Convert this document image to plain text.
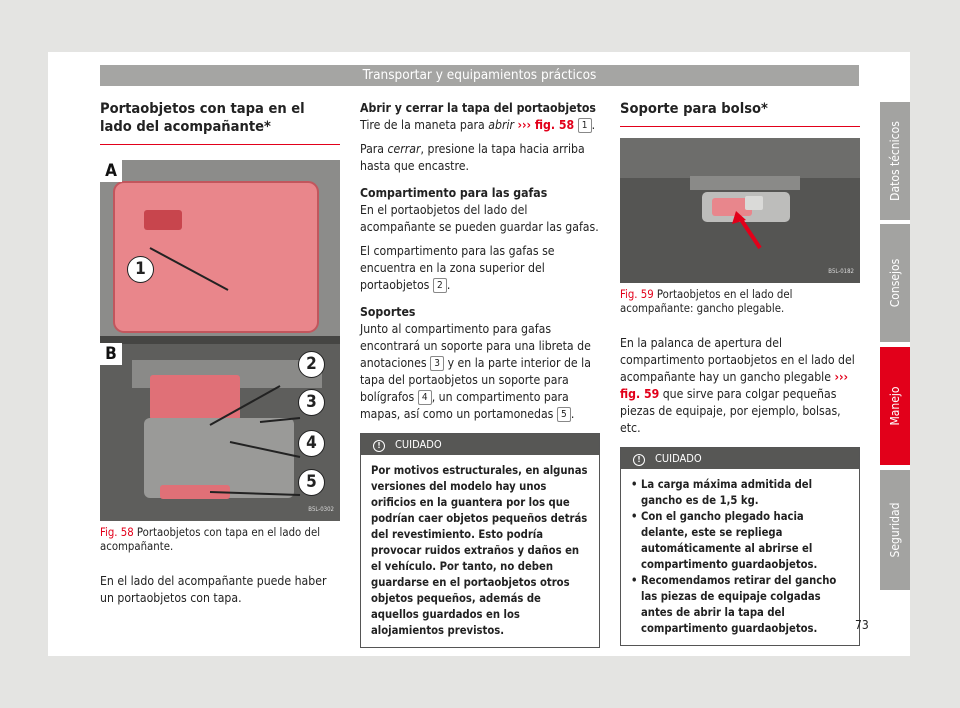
Transportar y equipamientos prácticos
Datos técnicos
Consejos
Manejo
Seguridad
Portaobjetos con tapa en el lado del acompañante*
A
B
1
2
3
4
5
B5L-0302
Fig. 58 Portaobjetos con tapa en el lado del acompañante.

En el lado del acompañante puede haber un portaobjetos con tapa.

Abrir y cerrar la tapa del portaobjetos

Tire de la maneta para abrir ››› fig. 58 1 .

Para cerrar, presione la tapa hacia arriba hasta que encastre.

Compartimento para las gafas

En el portaobjetos del lado del acompañante se pueden guardar las gafas.

El compartimento para las gafas se encuentra en la zona superior del portaobjetos 2 .

Soportes

Junto al compartimento para gafas encontrará un soporte para una libreta de anotaciones 3 y en la parte interior de la tapa del portaobjetos un soporte para bolígrafos 4 , un compartimento para mapas, así como un portamonedas 5 .

! CUIDADO
Por motivos estructurales, en algunas versiones del modelo hay unos orificios en la guantera por los que podrían caer objetos pequeños detrás del revestimiento. Esto podría provocar ruidos extraños y daños en el vehículo. Por tanto, no deben guardarse en el portaobjetos otros objetos pequeños, además de aquellos guardados en los alojamientos previstos.
Soporte para bolso*
B5L-0182
Fig. 59 Portaobjetos en el lado del acompañante: gancho plegable.

En la palanca de apertura del compartimento portaobjetos en el lado del acompañante hay un gancho plegable ››› fig. 59 que sirve para colgar pequeñas piezas de equipaje, por ejemplo, bolsas, etc.

! CUIDADO
• La carga máxima admitida del gancho es de 1,5 kg.
• Con el gancho plegado hacia delante, este se repliega automáticamente al abrirse el compartimento guardaobjetos.
• Recomendamos retirar del gancho las piezas de equipaje colgadas antes de abrir la tapa del compartimento guardaobjetos.	73
